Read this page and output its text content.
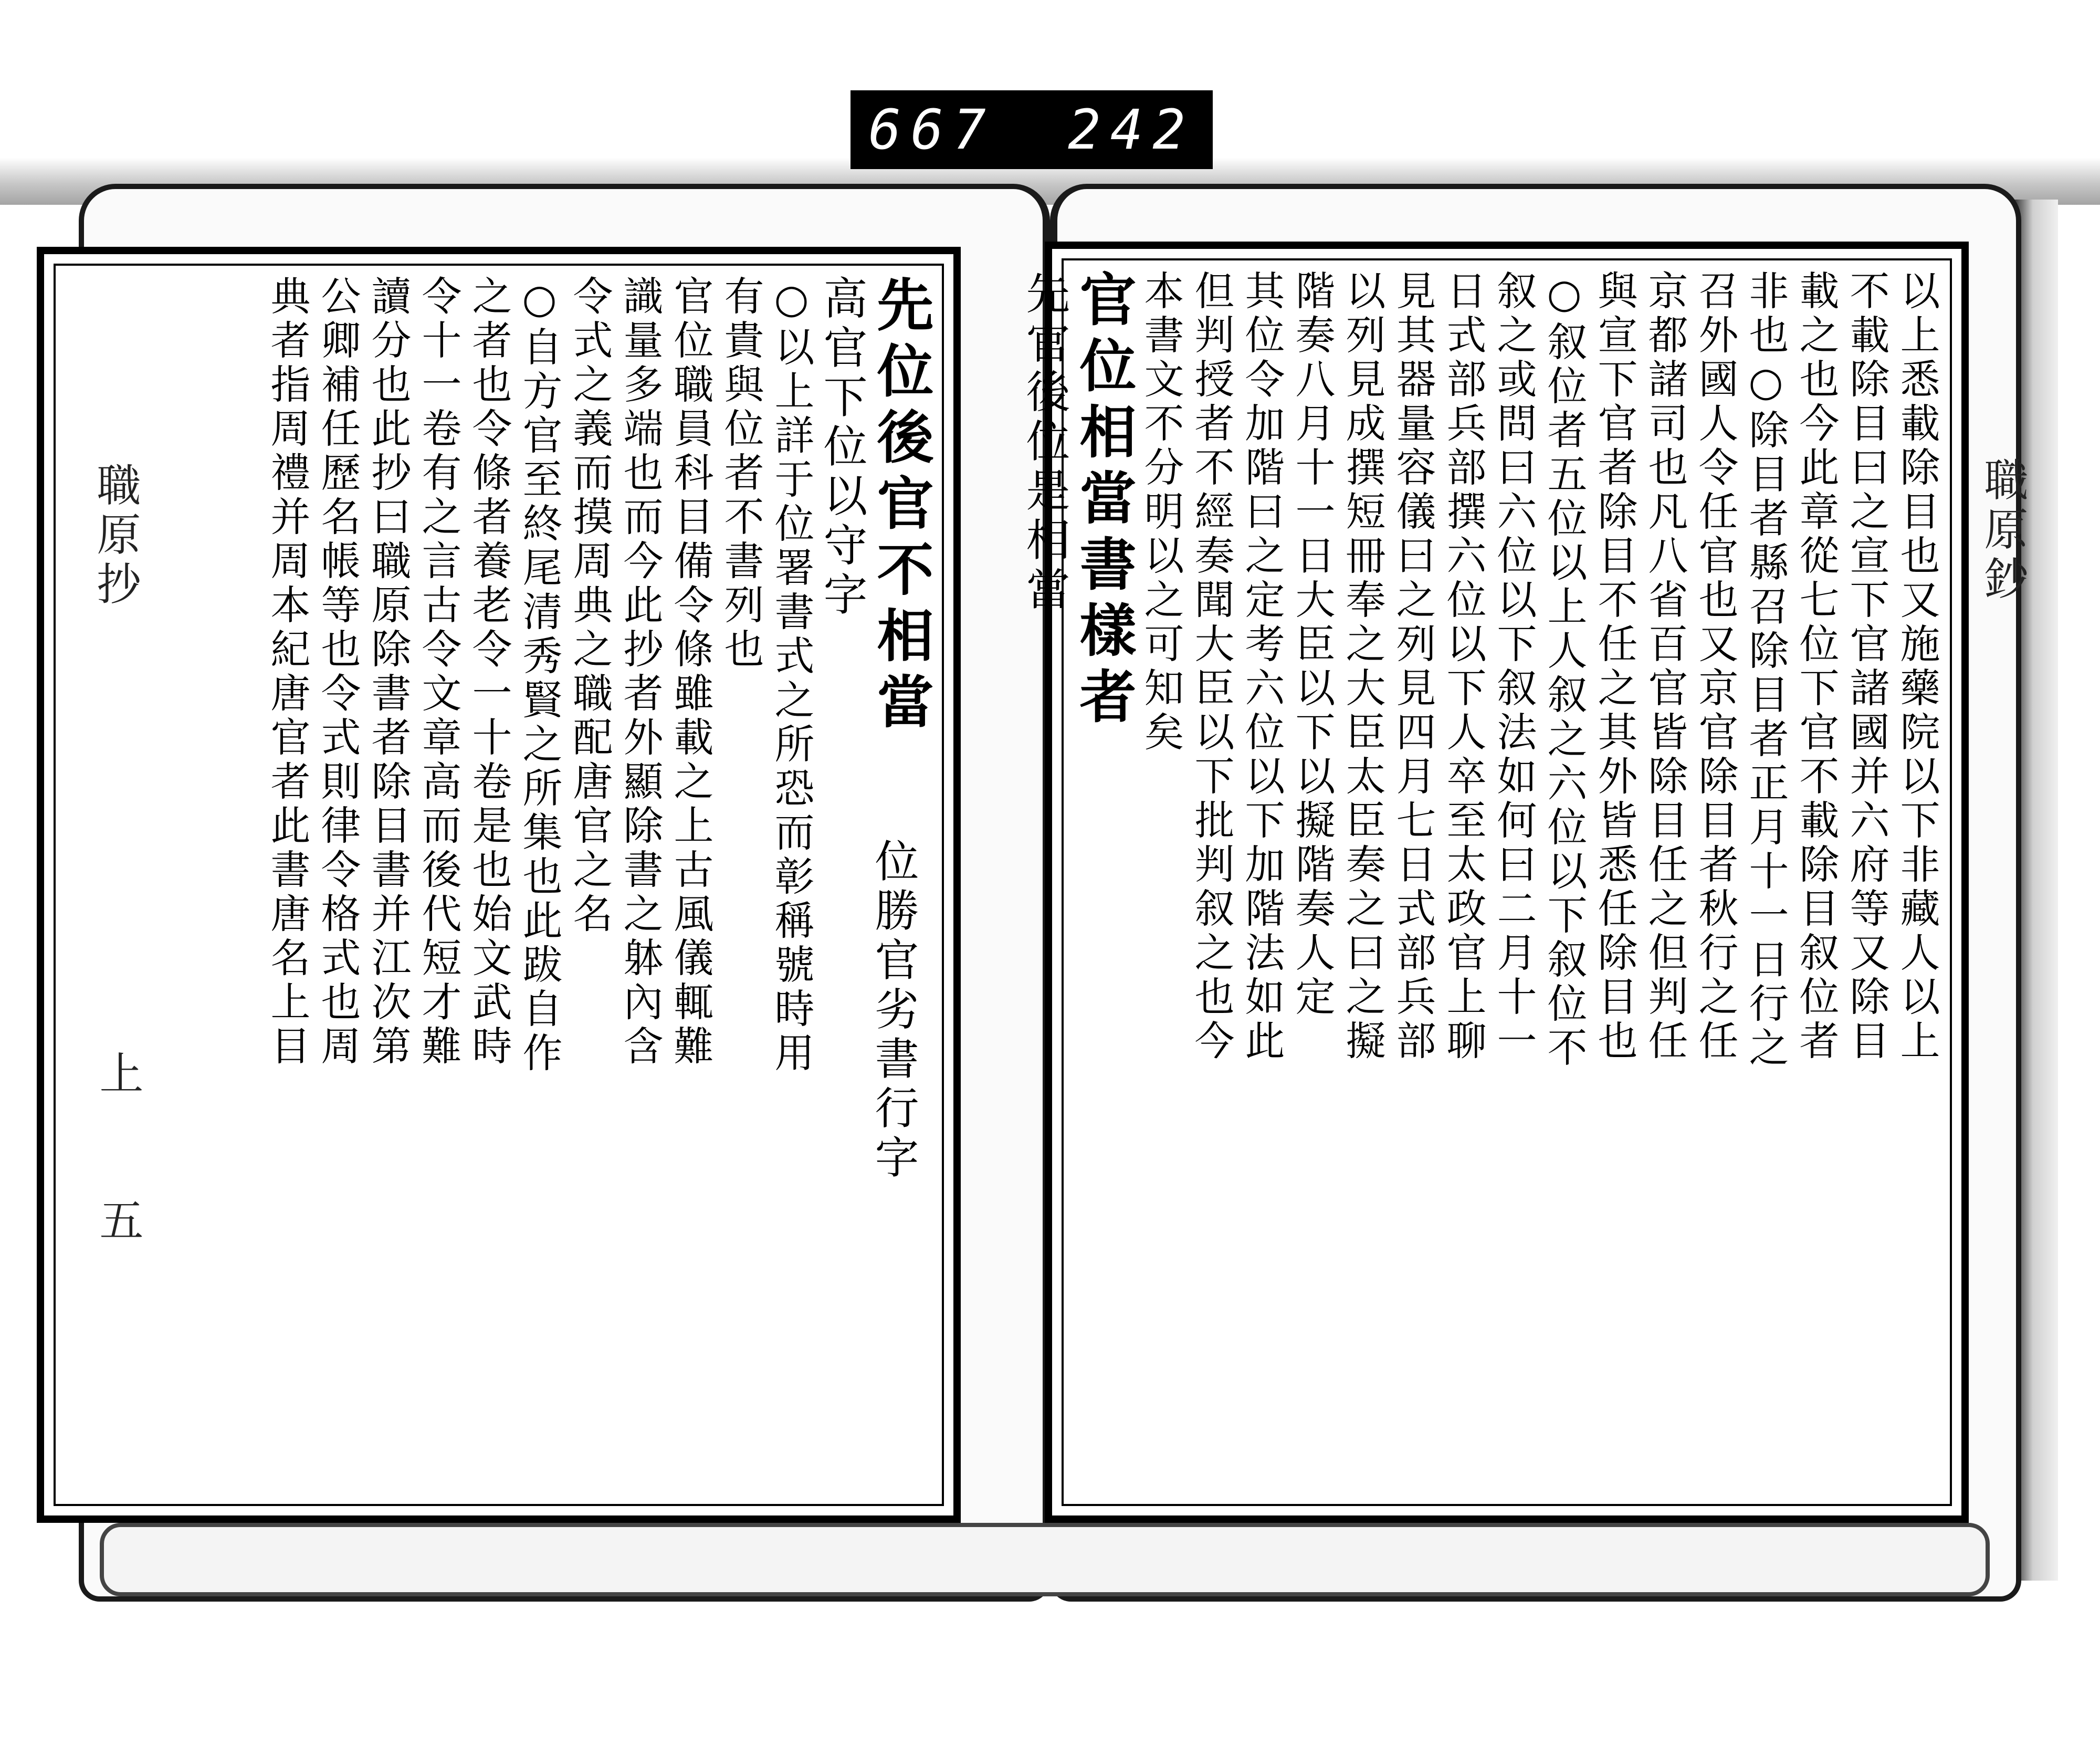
667 242
先位後官不相當
位勝官劣書行字
高官下位以守字
○以上詳于位署書式之所恐而彰稱號時用
有貴與位者不書列也
官位職員科目備令條雖載之上古風儀輒難
識量多端也而今此抄者外顯除書之躰內含
令式之義而摸周典之職配唐官之名
○自方官至終尾清秀賢之所集也此跋自作
之者也令條者養老令一十卷是也始文武時
令十一卷有之言古令文章高而後代短才難
讀分也此抄曰職原除書者除目書并江次第
公卿補任歷名帳等也令式則律令格式也周
典者指周禮并周本紀唐官者此書唐名上目
職原抄
上
五
以上悉載除目也又施藥院以下非藏人以上
不載除目曰之宣下官諸國并六府等又除目
載之也今此章從七位下官不載除目叙位者
非也○除目者縣召除目者正月十一日行之
召外國人令任官也又京官除目者秋行之任
京都諸司也凡八省百官皆除目任之但判任
與宣下官者除目不任之其外皆悉任除目也
○叙位者五位以上人叙之六位以下叙位不
叙之或問曰六位以下叙法如何曰二月十一
日式部兵部撰六位以下人卒至太政官上聊
見其器量容儀曰之列見四月七日式部兵部
以列見成撰短冊奉之大臣太臣奏之曰之擬
階奏八月十一日大臣以下以擬階奏人定
其位令加階曰之定考六位以下加階法如此
但判授者不經奏聞大臣以下批判叙之也今
本書文不分明以之可知矣
官位相當書樣者
先官後位是相當	職原鈔
